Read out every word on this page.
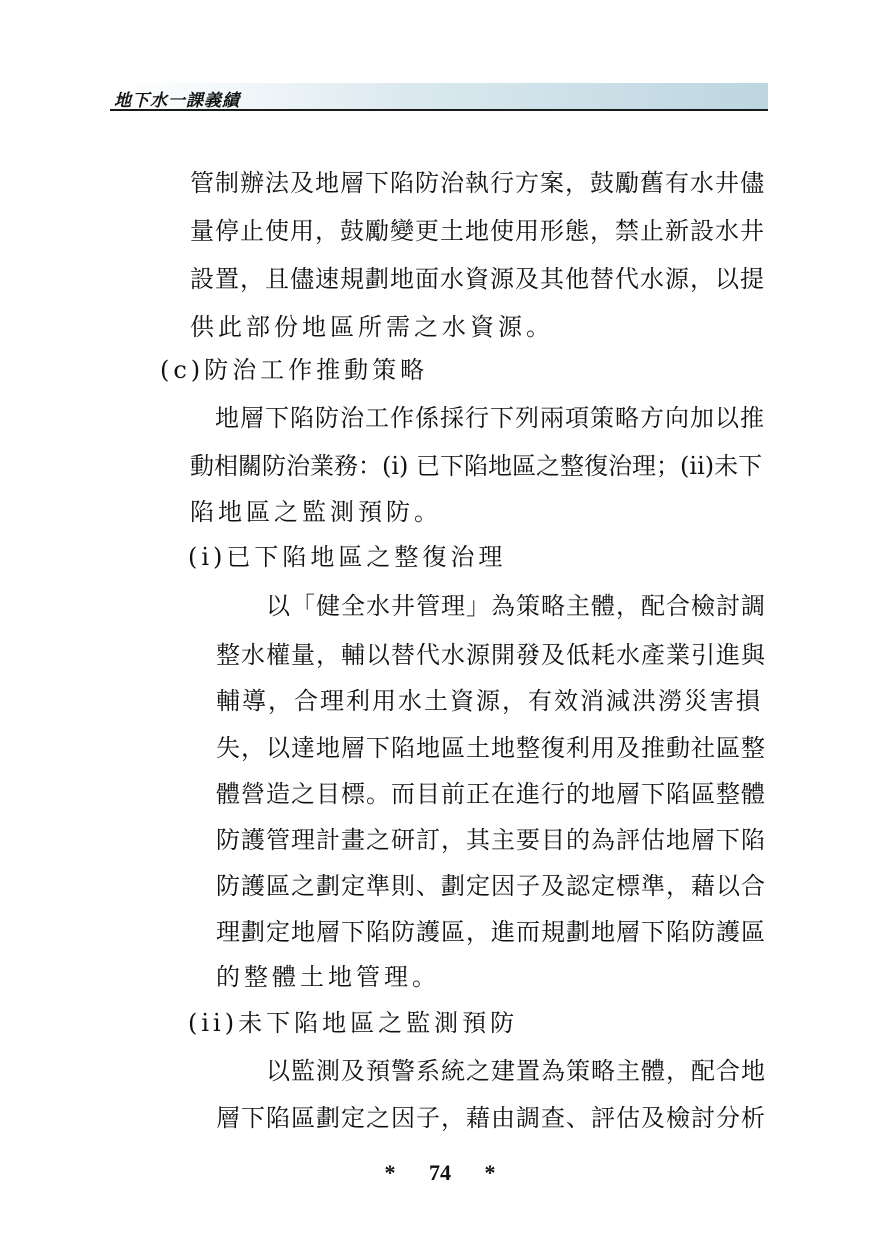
地下水一課義績
管制辦法及地層下陷防治執行方案，鼓勵舊有水井儘
量停止使用，鼓勵變更土地使用形態，禁止新設水井
設置，且儘速規劃地面水資源及其他替代水源，以提
供此部份地區所需之水資源。
(c)防治工作推動策略
地層下陷防治工作係採行下列兩項策略方向加以推
動相關防治業務：(i) 已下陷地區之整復治理；(ii)未下
陷地區之監測預防。
(i)已下陷地區之整復治理
以「健全水井管理」為策略主體，配合檢討調
整水權量，輔以替代水源開發及低耗水產業引進與
輔導，合理利用水土資源，有效消減洪澇災害損
失，以達地層下陷地區土地整復利用及推動社區整
體營造之目標。而目前正在進行的地層下陷區整體
防護管理計畫之研訂，其主要目的為評估地層下陷
防護區之劃定準則、劃定因子及認定標準，藉以合
理劃定地層下陷防護區，進而規劃地層下陷防護區
的整體土地管理。
(ii)未下陷地區之監測預防
以監測及預警系統之建置為策略主體，配合地
層下陷區劃定之因子，藉由調查、評估及檢討分析
* 74 *
